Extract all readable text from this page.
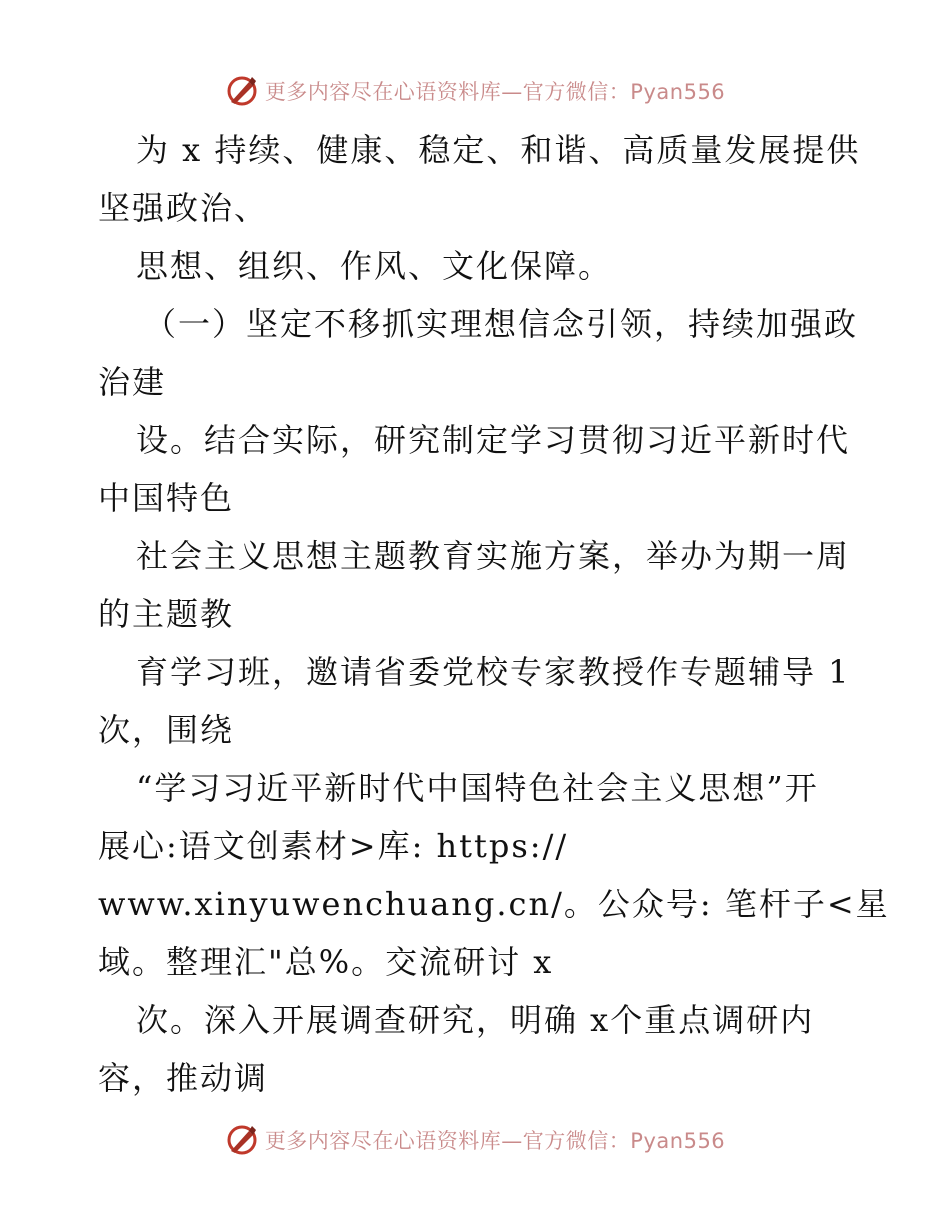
更多内容尽在心语资料库—官方微信：Pyan556
为 x 持续、健康、稳定、和谐、高质量发展提供
坚强政治、
思想、组织、作风、文化保障。
（一）坚定不移抓实理想信念引领，持续加强政
治建
设。结合实际，研究制定学习贯彻习近平新时代
中国特色
社会主义思想主题教育实施方案，举办为期一周
的主题教
育学习班，邀请省委党校专家教授作专题辅导 1
次，围绕
“学习习近平新时代中国特色社会主义思想”开
展心:语文创素材>库: https://
www.xinyuwenchuang.cn/。公众号: 笔杆子<星
域。整理汇"总%。交流研讨 x
次。深入开展调查研究，明确 x个重点调研内
容，推动调
更多内容尽在心语资料库—官方微信：Pyan556
